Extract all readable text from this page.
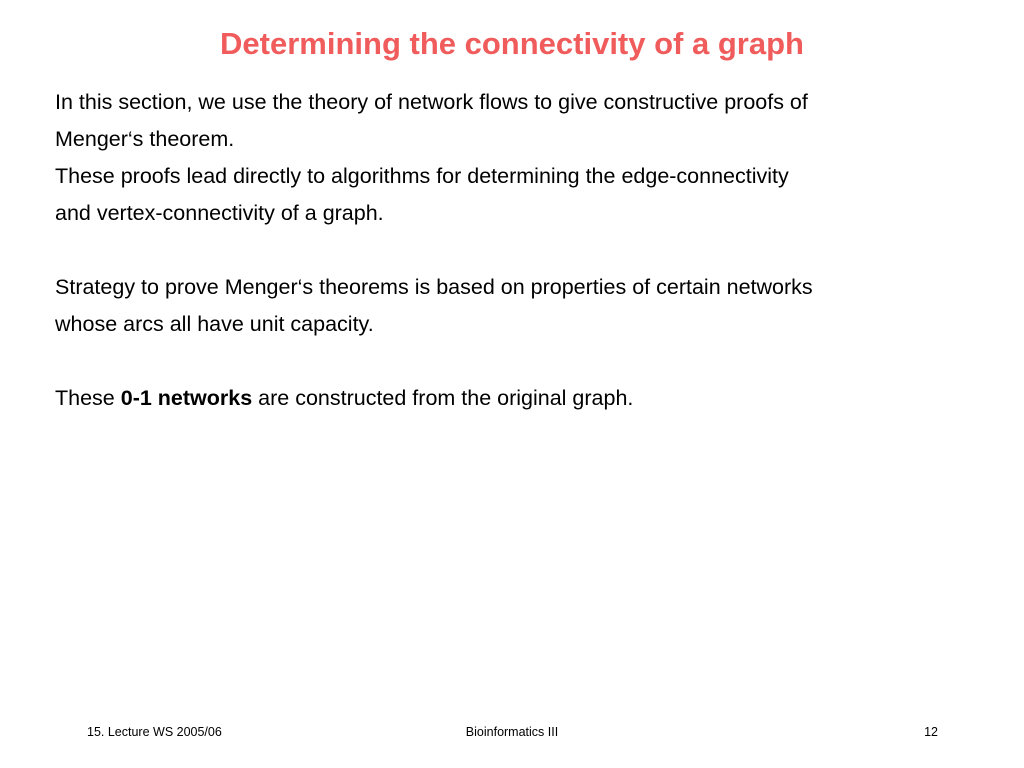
Determining the connectivity of a graph

In this section, we use the theory of network flows to give constructive proofs of

Menger‘s theorem.

These proofs lead directly to algorithms for determining the edge-connectivity

and vertex-connectivity of a graph.

Strategy to prove Menger‘s theorems is based on properties of certain networks

whose arcs all have unit capacity.

These 0-1 networks are constructed from the original graph.

15. Lecture WS 2005/06	Bioinformatics III	12
